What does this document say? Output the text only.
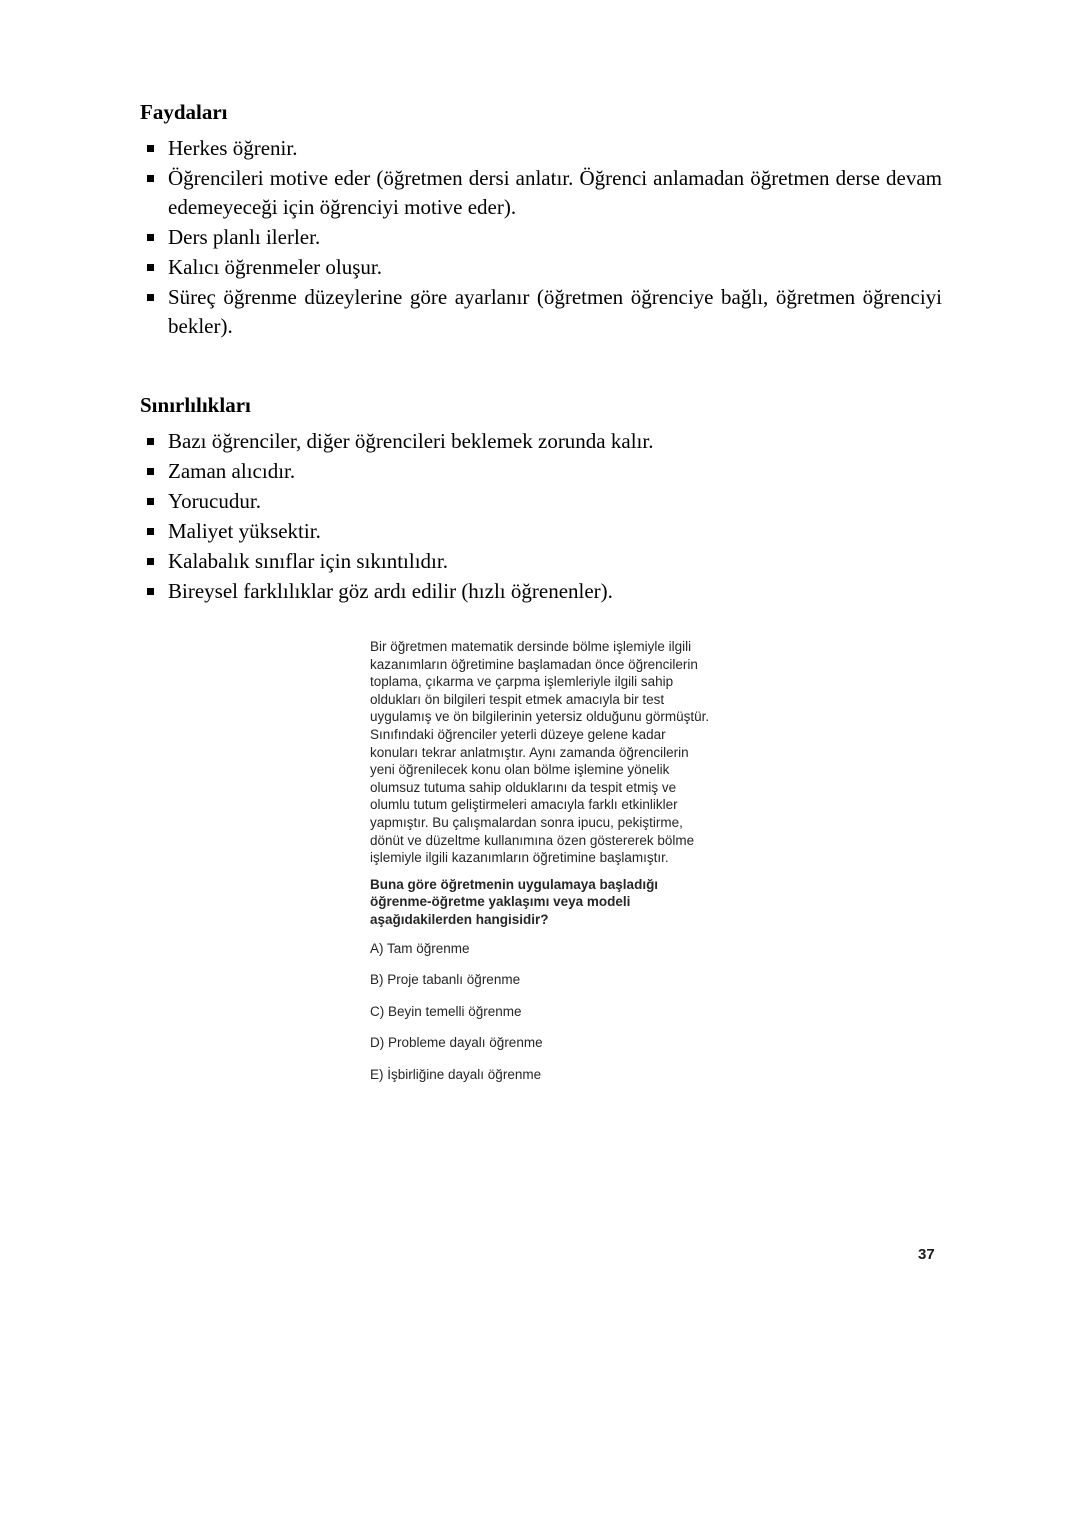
Faydaları
Herkes öğrenir.
Öğrencileri motive eder (öğretmen dersi anlatır. Öğrenci anlamadan öğretmen derse devam edemeyeceği için öğrenciyi motive eder).
Ders planlı ilerler.
Kalıcı öğrenmeler oluşur.
Süreç öğrenme düzeylerine göre ayarlanır (öğretmen öğrenciye bağlı, öğretmen öğrenciyi bekler).
Sınırlılıkları
Bazı öğrenciler, diğer öğrencileri beklemek zorunda kalır.
Zaman alıcıdır.
Yorucudur.
Maliyet yüksektir.
Kalabalık sınıflar için sıkıntılıdır.
Bireysel farklılıklar göz ardı edilir (hızlı öğrenenler).

Bir öğretmen matematik dersinde bölme işlemiyle ilgili kazanımların öğretimine başlamadan önce öğrencilerin toplama, çıkarma ve çarpma işlemleriyle ilgili sahip oldukları ön bilgileri tespit etmek amacıyla bir test uygulamış ve ön bilgilerinin yetersiz olduğunu görmüştür. Sınıfındaki öğrenciler yeterli düzeye gelene kadar konuları tekrar anlatmıştır. Aynı zamanda öğrencilerin yeni öğrenilecek konu olan bölme işlemine yönelik olumsuz tutuma sahip olduklarını da tespit etmiş ve olumlu tutum geliştirmeleri amacıyla farklı etkinlikler yapmıştır. Bu çalışmalardan sonra ipucu, pekiştirme, dönüt ve düzeltme kullanımına özen göstererek bölme işlemiyle ilgili kazanımların öğretimine başlamıştır.

Buna göre öğretmenin uygulamaya başladığı öğrenme-öğretme yaklaşımı veya modeli aşağıdakilerden hangisidir?

A) Tam öğrenme

B) Proje tabanlı öğrenme

C) Beyin temelli öğrenme

D) Probleme dayalı öğrenme

E) İşbirliğine dayalı öğrenme

37
